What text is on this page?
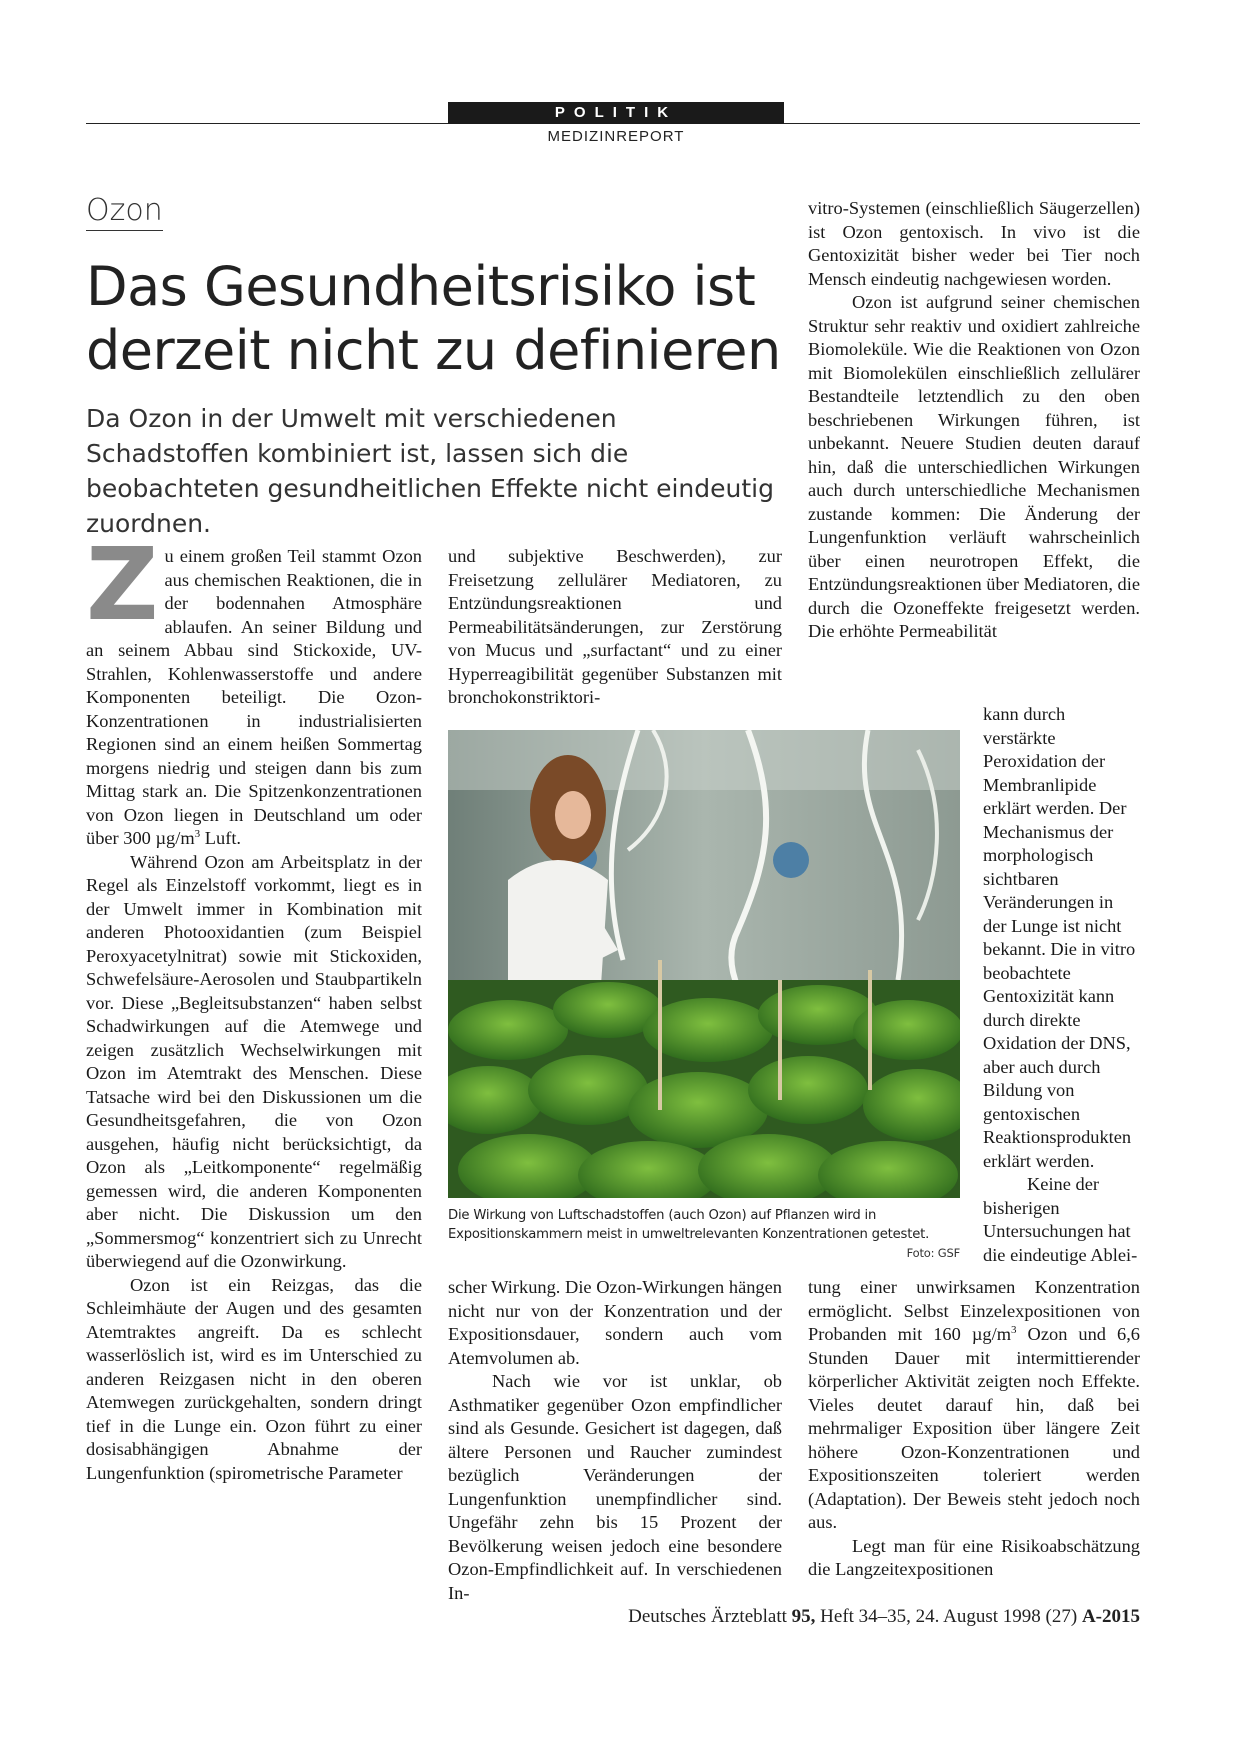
POLITIK
MEDIZINREPORT
Ozon
Das Gesundheitsrisiko ist derzeit nicht zu definieren
Da Ozon in der Umwelt mit verschiedenen Schadstoffen kombiniert ist, lassen sich die beobachteten gesundheitlichen Effekte nicht eindeutig zuordnen.

Zu einem großen Teil stammt Ozon aus chemischen Reaktionen, die in der bodennahen Atmosphäre ablaufen. An seiner Bildung und an seinem Abbau sind Stickoxide, UV-Strahlen, Kohlenwasserstoffe und andere Komponenten beteiligt. Die Ozon-Konzentrationen in industrialisierten Regionen sind an einem heißen Sommertag morgens niedrig und steigen dann bis zum Mittag stark an. Die Spitzenkonzentrationen von Ozon liegen in Deutschland um oder über 300 $\mu g/m^3$ Luft.

Während Ozon am Arbeitsplatz in der Regel als Einzelstoff vorkommt, liegt es in der Umwelt immer in Kombination mit anderen Photooxidantien (zum Beispiel Peroxyacetylnitrat) sowie mit Stickoxiden, Schwefelsäure-Aerosolen und Staubpartikeln vor. Diese „Begleitsubstanzen“ haben selbst Schadwirkungen auf die Atemwege und zeigen zusätzlich Wechselwirkungen mit Ozon im Atemtrakt des Menschen. Diese Tatsache wird bei den Diskussionen um die Gesundheitsgefahren, die von Ozon ausgehen, häufig nicht berücksichtigt, da Ozon als „Leitkomponente“ regelmäßig gemessen wird, die anderen Komponenten aber nicht. Die Diskussion um den „Sommersmog“ konzentriert sich zu Unrecht überwiegend auf die Ozonwirkung.

Ozon ist ein Reizgas, das die Schleimhäute der Augen und des gesamten Atemtraktes angreift. Da es schlecht wasserlöslich ist, wird es im Unterschied zu anderen Reizgasen nicht in den oberen Atemwegen zurückgehalten, sondern dringt tief in die Lunge ein. Ozon führt zu einer dosisabhängigen Abnahme der Lungenfunktion (spirometrische Parameter

und subjektive Beschwerden), zur Freisetzung zellulärer Mediatoren, zu Entzündungsreaktionen und Permeabilitätsänderungen, zur Zerstörung von Mucus und „surfactant“ und zu einer Hyperreagibilität gegenüber Substanzen mit bronchokonstriktori-

Die Wirkung von Luftschadstoffen (auch Ozon) auf Pflanzen wird in Expositionskammern meist in umweltrelevanten Konzentrationen getestet.
Foto: GSF

scher Wirkung. Die Ozon-Wirkungen hängen nicht nur von der Konzentration und der Expositionsdauer, sondern auch vom Atemvolumen ab.

Nach wie vor ist unklar, ob Asthmatiker gegenüber Ozon empfindlicher sind als Gesunde. Gesichert ist dagegen, daß ältere Personen und Raucher zumindest bezüglich Veränderungen der Lungenfunktion unempfindlicher sind. Ungefähr zehn bis 15 Prozent der Bevölkerung weisen jedoch eine besondere Ozon-Empfindlichkeit auf. In verschiedenen In-

vitro-Systemen (einschließlich Säugerzellen) ist Ozon gentoxisch. In vivo ist die Gentoxizität bisher weder bei Tier noch Mensch eindeutig nachgewiesen worden.

Ozon ist aufgrund seiner chemischen Struktur sehr reaktiv und oxidiert zahlreiche Biomoleküle. Wie die Reaktionen von Ozon mit Biomolekülen einschließlich zellulärer Bestandteile letztendlich zu den oben beschriebenen Wirkungen führen, ist unbekannt. Neuere Studien deuten darauf hin, daß die unterschiedlichen Wirkungen auch durch unterschiedliche Mechanismen zustande kommen: Die Änderung der Lungenfunktion verläuft wahrscheinlich über einen neurotropen Effekt, die Entzündungsreaktionen über Mediatoren, die durch die Ozoneffekte freigesetzt werden. Die erhöhte Permeabilität

kann durch verstärkte Peroxidation der Membranlipide erklärt werden. Der Mechanismus der morphologisch sichtbaren Veränderungen in der Lunge ist nicht bekannt. Die in vitro beobachtete Gentoxizität kann durch direkte Oxidation der DNS, aber auch durch Bildung von gentoxischen Reaktionsprodukten erklärt werden.

Keine der bisherigen Untersuchungen hat die eindeutige Ablei-

tung einer unwirksamen Konzentration ermöglicht. Selbst Einzelexpositionen von Probanden mit 160 $\mu g/m^3$ Ozon und 6,6 Stunden Dauer mit intermittierender körperlicher Aktivität zeigten noch Effekte. Vieles deutet darauf hin, daß bei mehrmaliger Exposition über längere Zeit höhere Ozon-Konzentrationen und Expositionszeiten toleriert werden (Adaptation). Der Beweis steht jedoch noch aus.

Legt man für eine Risikoabschätzung die Langzeitexpositionen

Deutsches Ärzteblatt 95, Heft 34–35, 24. August 1998 (27) A-2015
